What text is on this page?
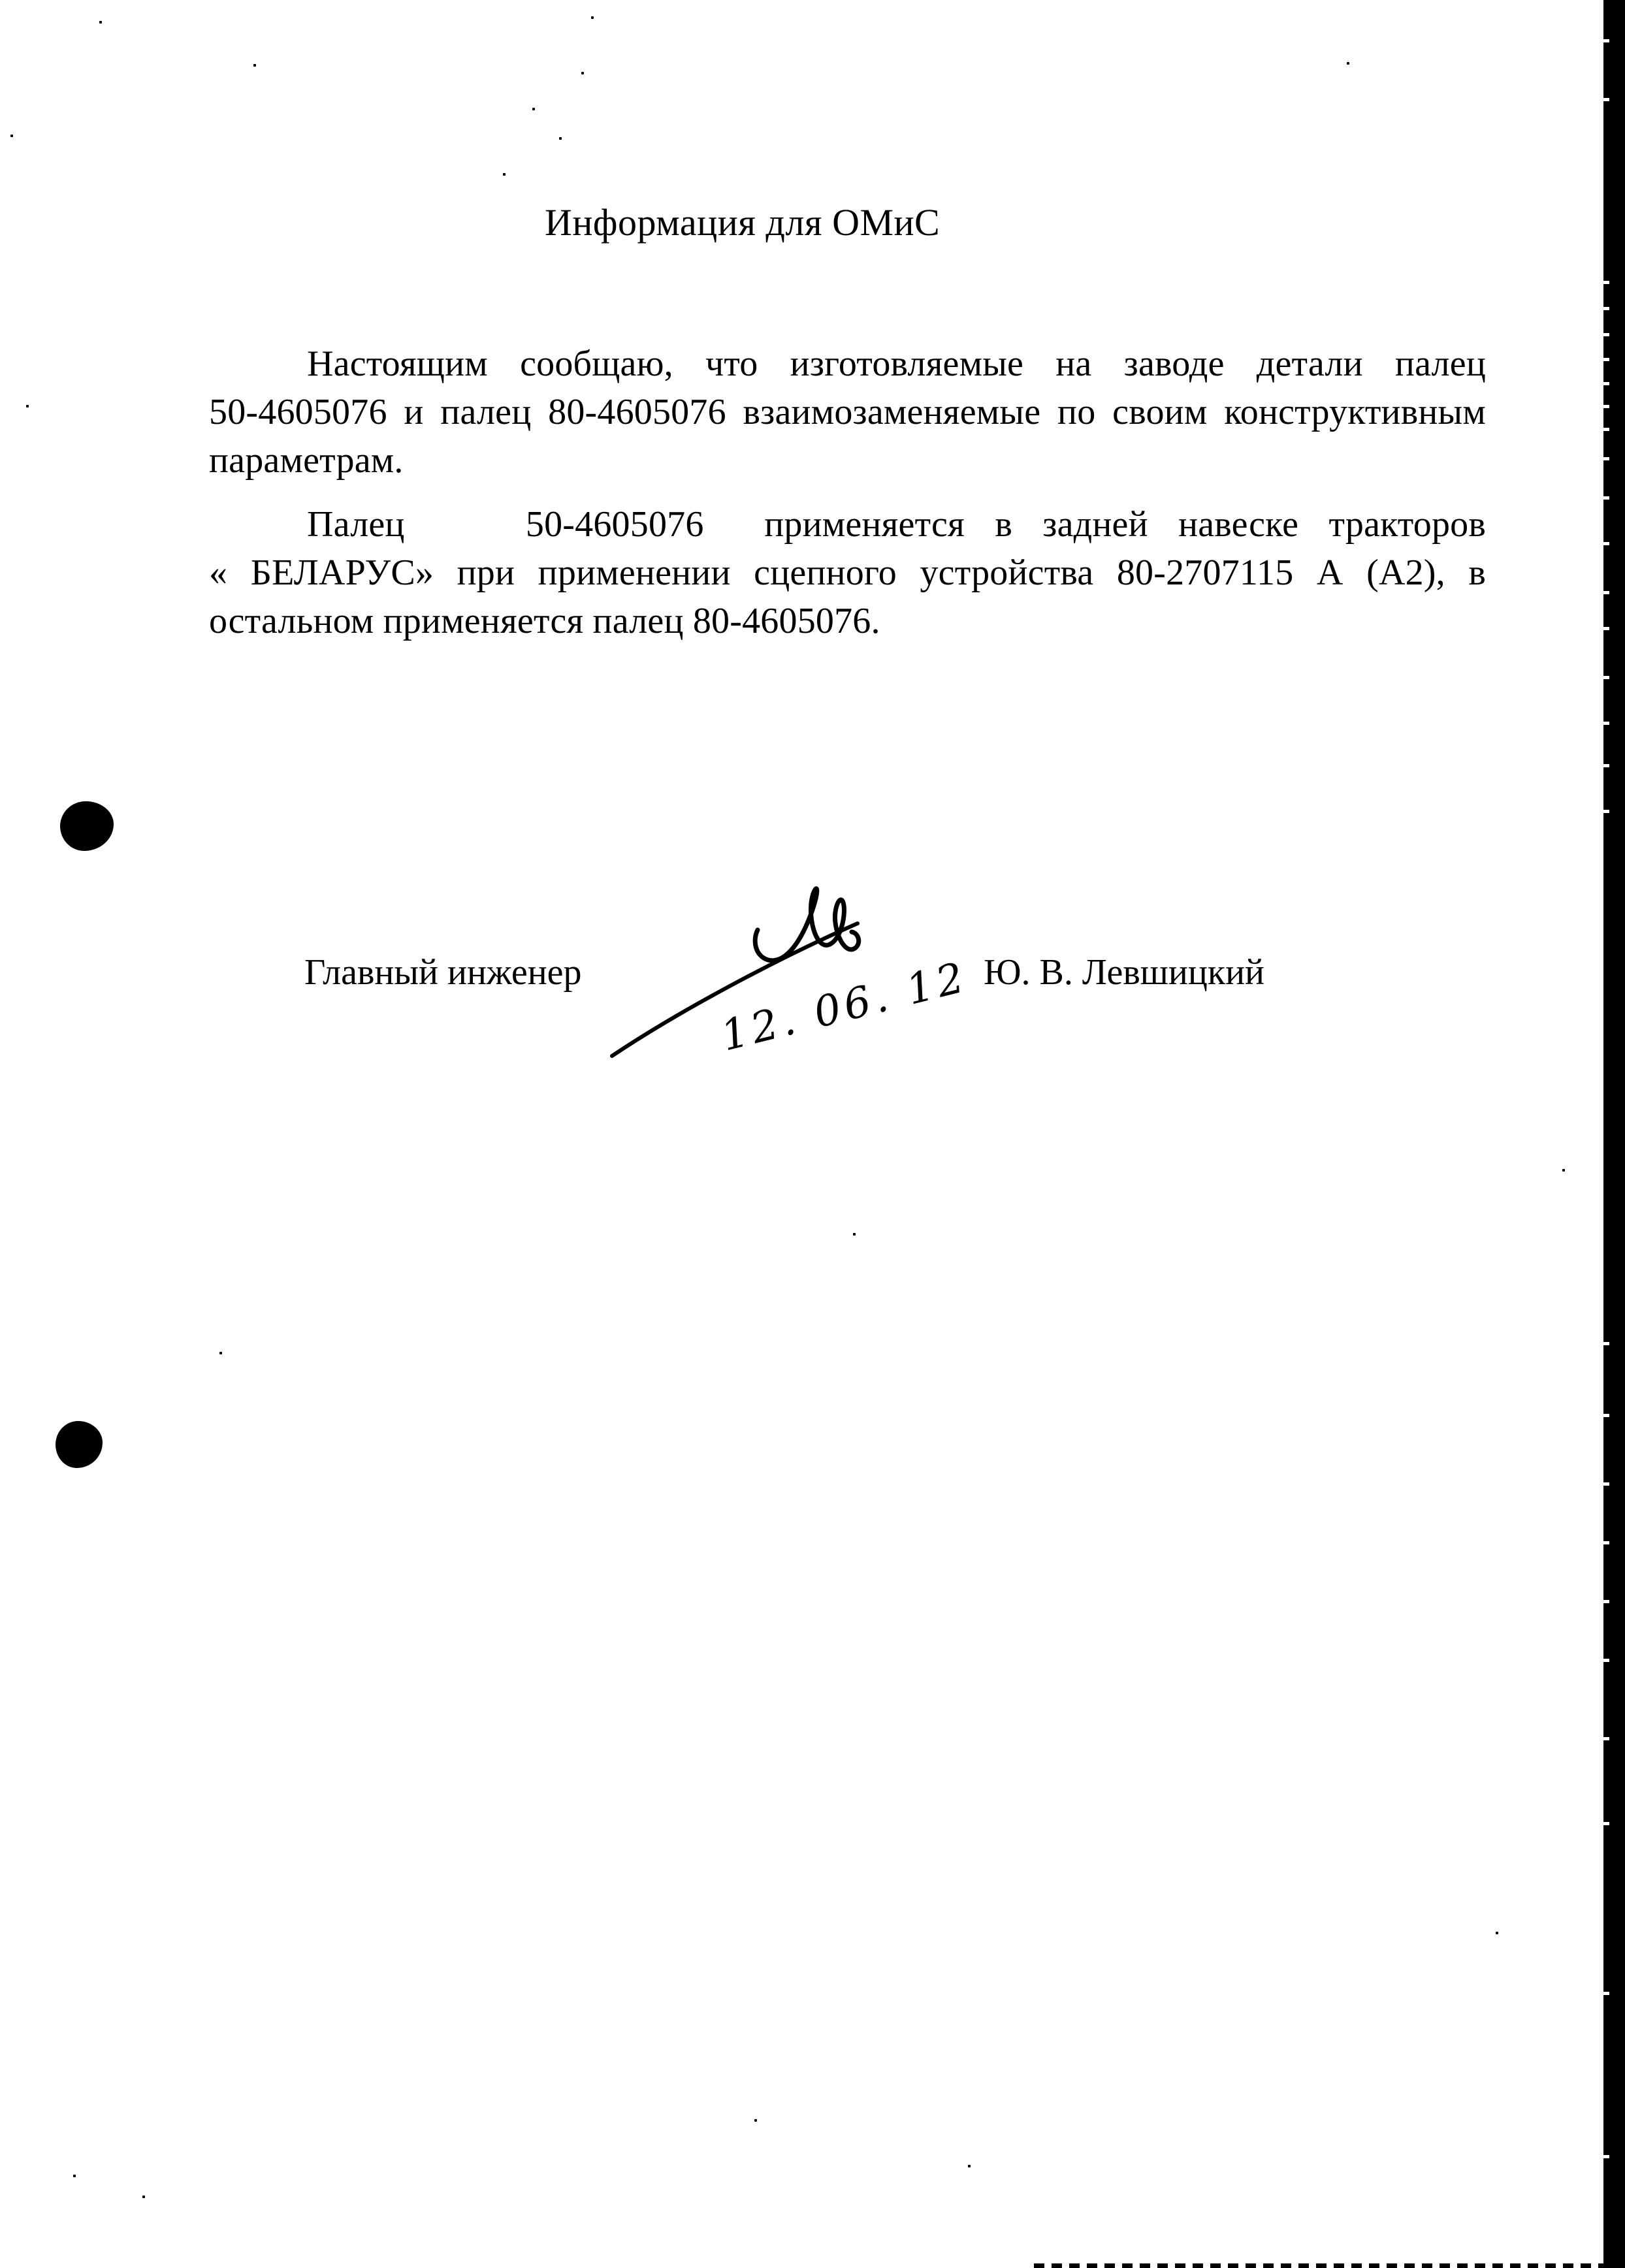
Информация для ОМиС
Настоящим сообщаю, что изготовляемые на заводе детали палец
50-4605076 и палец 80-4605076 взаимозаменяемые по своим конструктивным
параметрам.
Палец    50-4605076  применяется в задней навеске тракторов
« БЕЛАРУС» при применении сцепного устройства 80-2707115 А (А2), в
остальном применяется палец 80-4605076.
Главный инженер	12. 06. 12 Ю. В. Левшицкий
